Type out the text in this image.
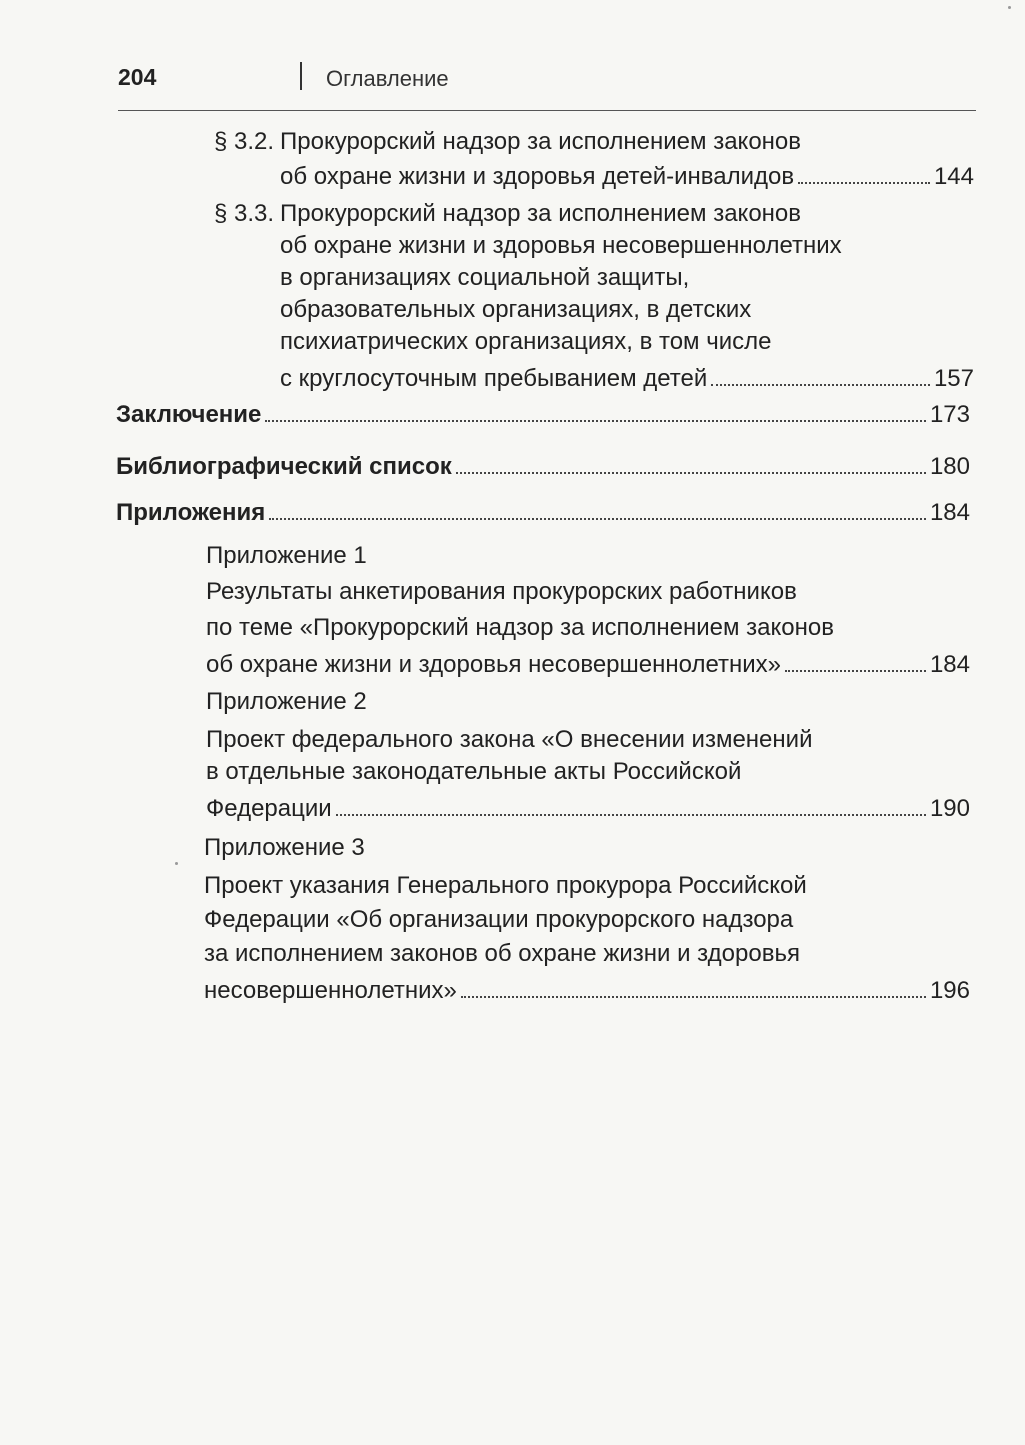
204	Оглавление
§ 3.2. Прокурорский надзор за исполнением законов
об охране жизни и здоровья детей-инвалидов	144
§ 3.3. Прокурорский надзор за исполнением законов
об охране жизни и здоровья несовершеннолетних
в организациях социальной защиты,
образовательных организациях, в детских
психиатрических организациях, в том числе
с круглосуточным пребыванием детей	157
Заключение	173
Библиографический список	180
Приложения	184
Приложение 1
Результаты анкетирования прокурорских работников
по теме «Прокурорский надзор за исполнением законов
об охране жизни и здоровья несовершеннолетних»	184
Приложение 2
Проект федерального закона «О внесении изменений
в отдельные законодательные акты Российской
Федерации	190
Приложение 3
Проект указания Генерального прокурора Российской
Федерации «Об организации прокурорского надзора
за исполнением законов об охране жизни и здоровья
несовершеннолетних»	196
